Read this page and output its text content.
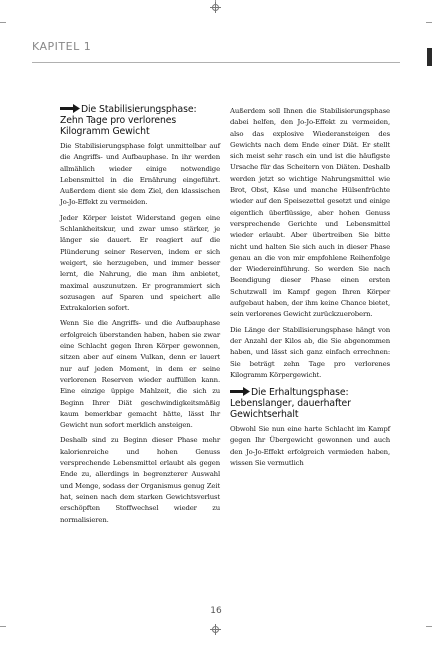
KAPITEL 1
Die Stabilisierungsphase: Zehn Tage pro verlorenes Kilogramm Gewicht

Die Stabilisierungsphase folgt unmittelbar auf die Angriffs- und Aufbauphase. In ihr werden allmählich wieder einige notwendige Lebensmittel in die Ernährung eingeführt. Außerdem dient sie dem Ziel, den klassischen Jo-Jo-Effekt zu vermeiden.

Jeder Körper leistet Widerstand gegen eine Schlankheitskur, und zwar umso stärker, je länger sie dauert. Er reagiert auf die Plünderung seiner Reserven, indem er sich weigert, sie herzugeben, und immer besser lernt, die Nahrung, die man ihm anbietet, maximal auszunutzen. Er programmiert sich sozusagen auf Sparen und speichert alle Extrakalorien sofort.

Wenn Sie die Angriffs- und die Aufbauphase erfolgreich überstanden haben, haben sie zwar eine Schlacht gegen Ihren Körper gewonnen, sitzen aber auf einem Vulkan, denn er lauert nur auf jeden Moment, in dem er seine verlorenen Reserven wieder auffüllen kann. Eine einzige üppige Mahlzeit, die sich zu Beginn Ihrer Diät geschwindigkeitsmäßig kaum bemerkbar gemacht hätte, lässt Ihr Gewicht nun sofort merklich ansteigen.

Deshalb sind zu Beginn dieser Phase mehr kalorienreiche und hohen Genuss versprechende Lebensmittel erlaubt als gegen Ende zu, allerdings in begrenzterer Auswahl und Menge, sodass der Organismus genug Zeit hat, seinen nach dem starken Gewichtsverlust erschöpften Stoffwechsel wieder zu normalisieren.

Außerdem soll Ihnen die Stabilisierungsphase dabei helfen, den Jo-Jo-Effekt zu vermeiden, also das explosive Wiederansteigen des Gewichts nach dem Ende einer Diät. Er stellt sich meist sehr rasch ein und ist die häufigste Ursache für das Scheitern von Diäten. Deshalb werden jetzt so wichtige Nahrungsmittel wie Brot, Obst, Käse und manche Hülsenfrüchte wieder auf den Speisezettel gesetzt und einige eigentlich überflüssige, aber hohen Genuss versprechende Gerichte und Lebensmittel wieder erlaubt. Aber übertreiben Sie bitte nicht und halten Sie sich auch in dieser Phase genau an die von mir empfohlene Reihenfolge der Wiedereinführung. So werden Sie nach Beendigung dieser Phase einen ersten Schutzwall im Kampf gegen Ihren Körper aufgebaut haben, der ihm keine Chance bietet, sein verlorenes Gewicht zurückzuerobern.

Die Länge der Stabilisierungsphase hängt von der Anzahl der Kilos ab, die Sie abgenommen haben, und lässt sich ganz einfach errechnen: Sie beträgt zehn Tage pro verlorenes Kilogramm Körpergewicht.

Die Erhaltungsphase: Lebenslanger, dauerhafter Gewichtserhalt

Obwohl Sie nun eine harte Schlacht im Kampf gegen Ihr Übergewicht gewonnen und auch den Jo-Jo-Effekt erfolgreich vermieden haben, wissen Sie vermutlich

16
